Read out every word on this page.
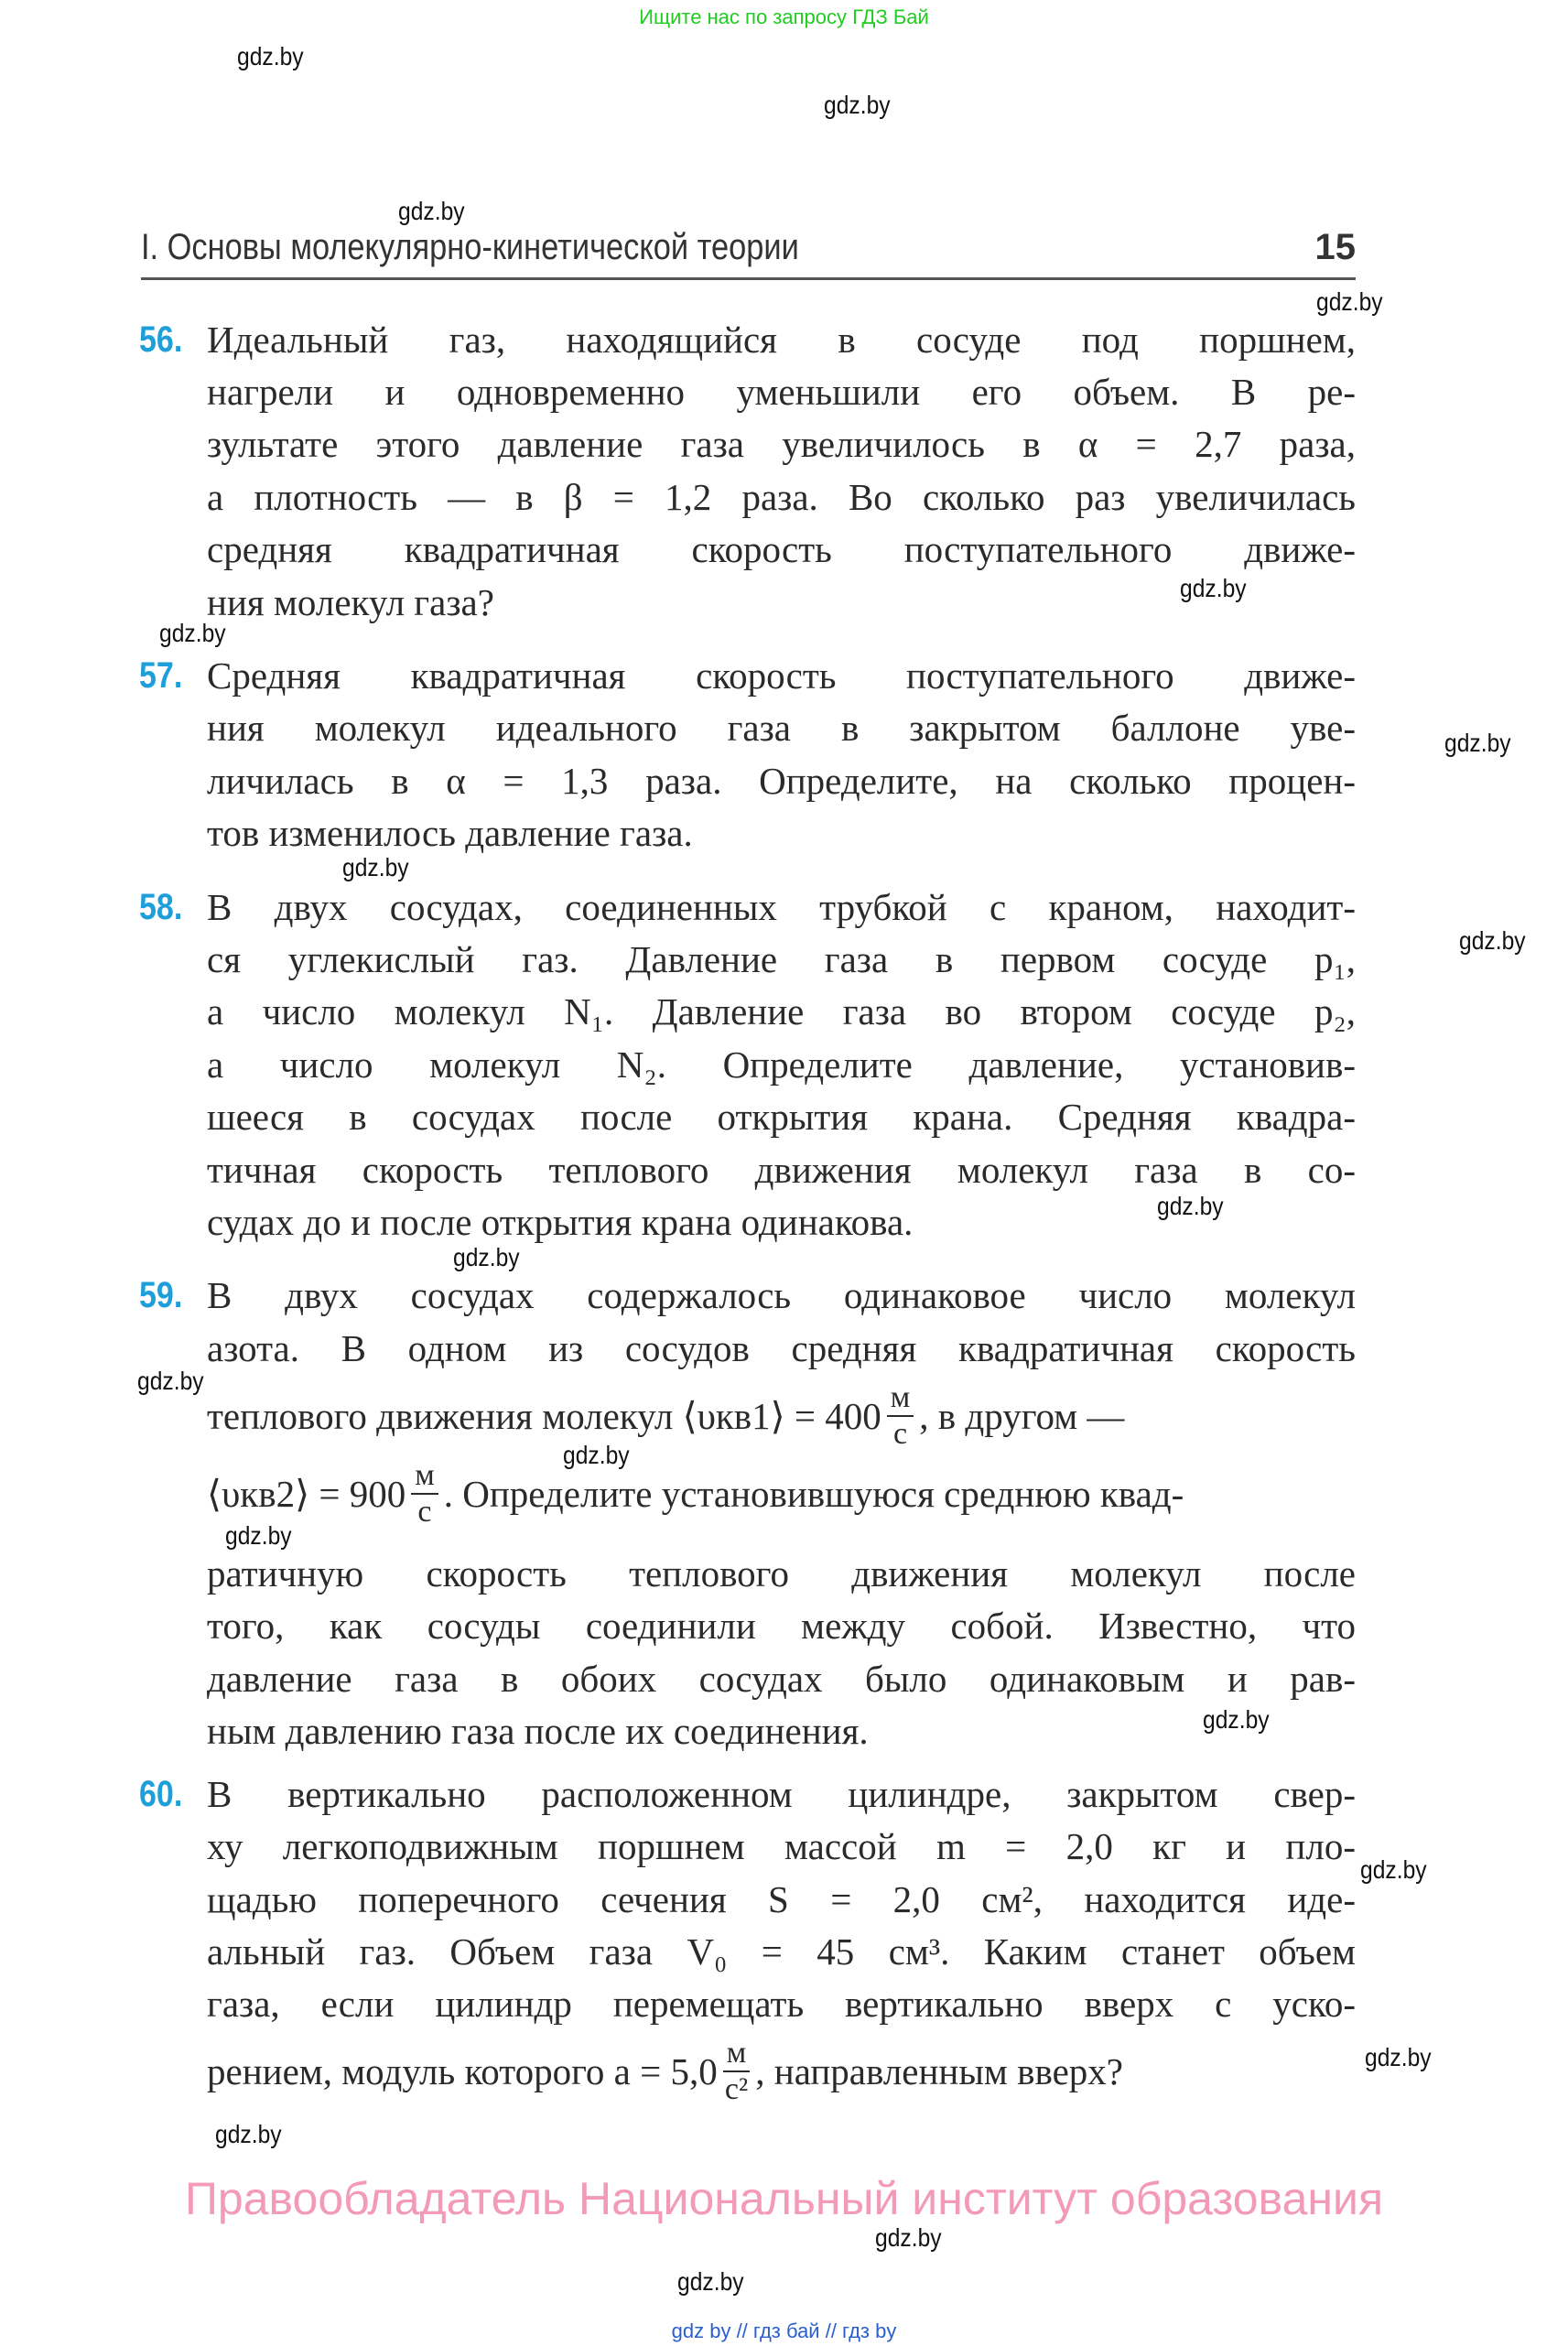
Ищите нас по запросу ГДЗ Бай
I. Основы молекулярно-кинетической теории	15
56. Идеальный газ, находящийся в сосуде под поршнем,
нагрели и одновременно уменьшили его объем. В ре-
зультате этого давление газа увеличилось в α = 2,7 раза,
а плотность — в β = 1,2 раза. Во сколько раз увеличилась
средняя квадратичная скорость поступательного движе-
ния молекул газа?
57. Средняя квадратичная скорость поступательного движе-
ния молекул идеального газа в закрытом баллоне уве-
личилась в α = 1,3 раза. Определите, на сколько процен-
тов изменилось давление газа.
58. В двух сосудах, соединенных трубкой с краном, находит-
ся углекислый газ. Давление газа в первом сосуде p₁,
а число молекул N₁. Давление газа во втором сосуде p₂,
а число молекул N₂. Определите давление, установив-
шееся в сосудах после открытия крана. Средняя квадра-
тичная скорость теплового движения молекул газа в со-
судах до и после открытия крана одинакова.
59. В двух сосудах содержалось одинаковое число молекул
азота. В одном из сосудов средняя квадратичная скорость
теплового движения молекул ⟨υкв1⟩ = $400 \frac{м}{с}$ , в другом —
⟨υкв2⟩ = $900 \frac{м}{с}$ . Определите установившуюся среднюю квад-
ратичную скорость теплового движения молекул после
того, как сосуды соединили между собой. Известно, что
давление газа в обоих сосудах было одинаковым и рав-
ным давлению газа после их соединения.
60. В вертикально расположенном цилиндре, закрытом свер-
ху легкоподвижным поршнем массой m = 2,0 кг и пло-
щадью поперечного сечения S = 2,0 см², находится иде-
альный газ. Объем газа V₀ = 45 см³. Каким станет объем
газа, если цилиндр перемещать вертикально вверх с уско-
рением, модуль которого $a = 5,0 \frac{м}{\text{с²}}$ , направленным вверх?
gdz.by
gdz.by
gdz.by
gdz.by
gdz.by
gdz.by
gdz.by
gdz.by
gdz.by
gdz.by
gdz.by
gdz.by
gdz.by
gdz.by
gdz.by
gdz.by
gdz.by
gdz.by
gdz.by
gdz.by
Правообладатель Национальный институт образования
gdz by // гдз бай // гдз by
